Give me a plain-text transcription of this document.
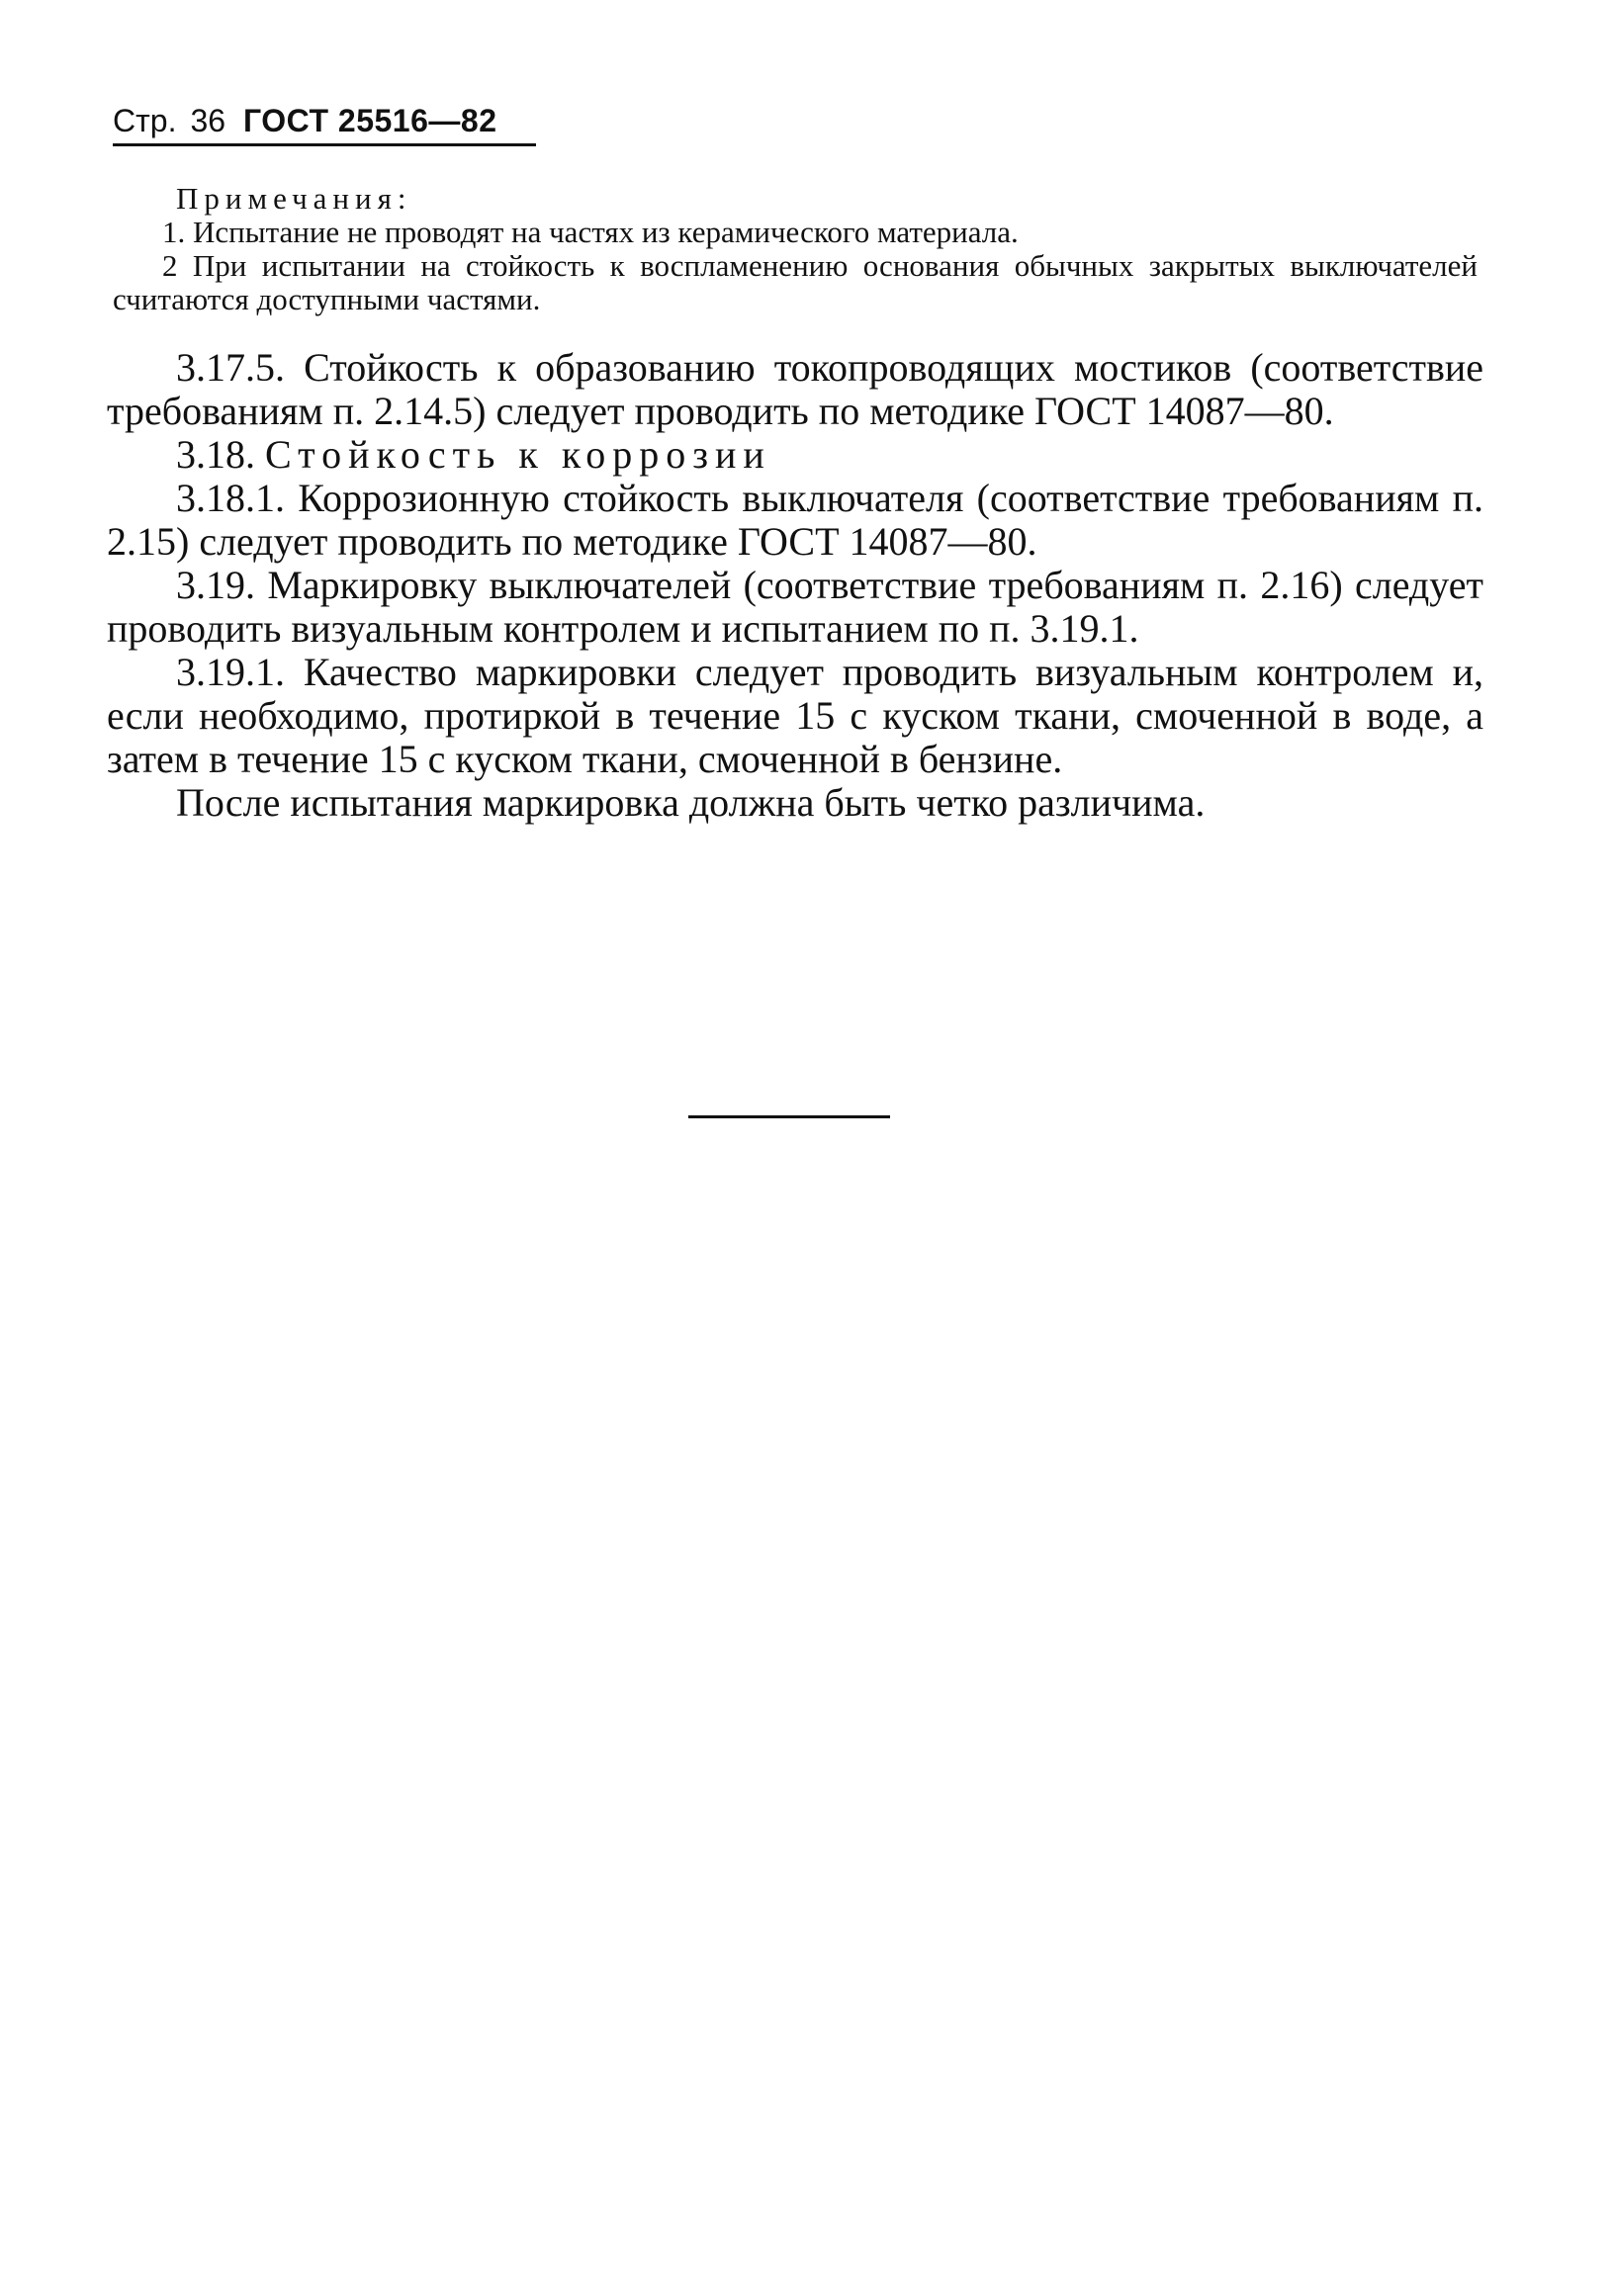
Стр. 36 ГОСТ 25516—82
Примечания:
1. Испытание не проводят на частях из керамического материала.
2 При испытании на стойкость к воспламенению основания обычных закрытых выключателей считаются доступными частями.

3.17.5. Стойкость к образованию токопроводящих мостиков (соответствие требованиям п. 2.14.5) следует проводить по методике ГОСТ 14087—80.

3.18. Стойкость к коррозии

3.18.1. Коррозионную стойкость выключателя (соответствие требованиям п. 2.15) следует проводить по методике ГОСТ 14087—80.

3.19. Маркировку выключателей (соответствие требованиям п. 2.16) следует проводить визуальным контролем и испытанием по п. 3.19.1.

3.19.1. Качество маркировки следует проводить визуальным контролем и, если необходимо, протиркой в течение 15 с куском ткани, смоченной в воде, а затем в течение 15 с куском ткани, смоченной в бензине.

После испытания маркировка должна быть четко различима.
